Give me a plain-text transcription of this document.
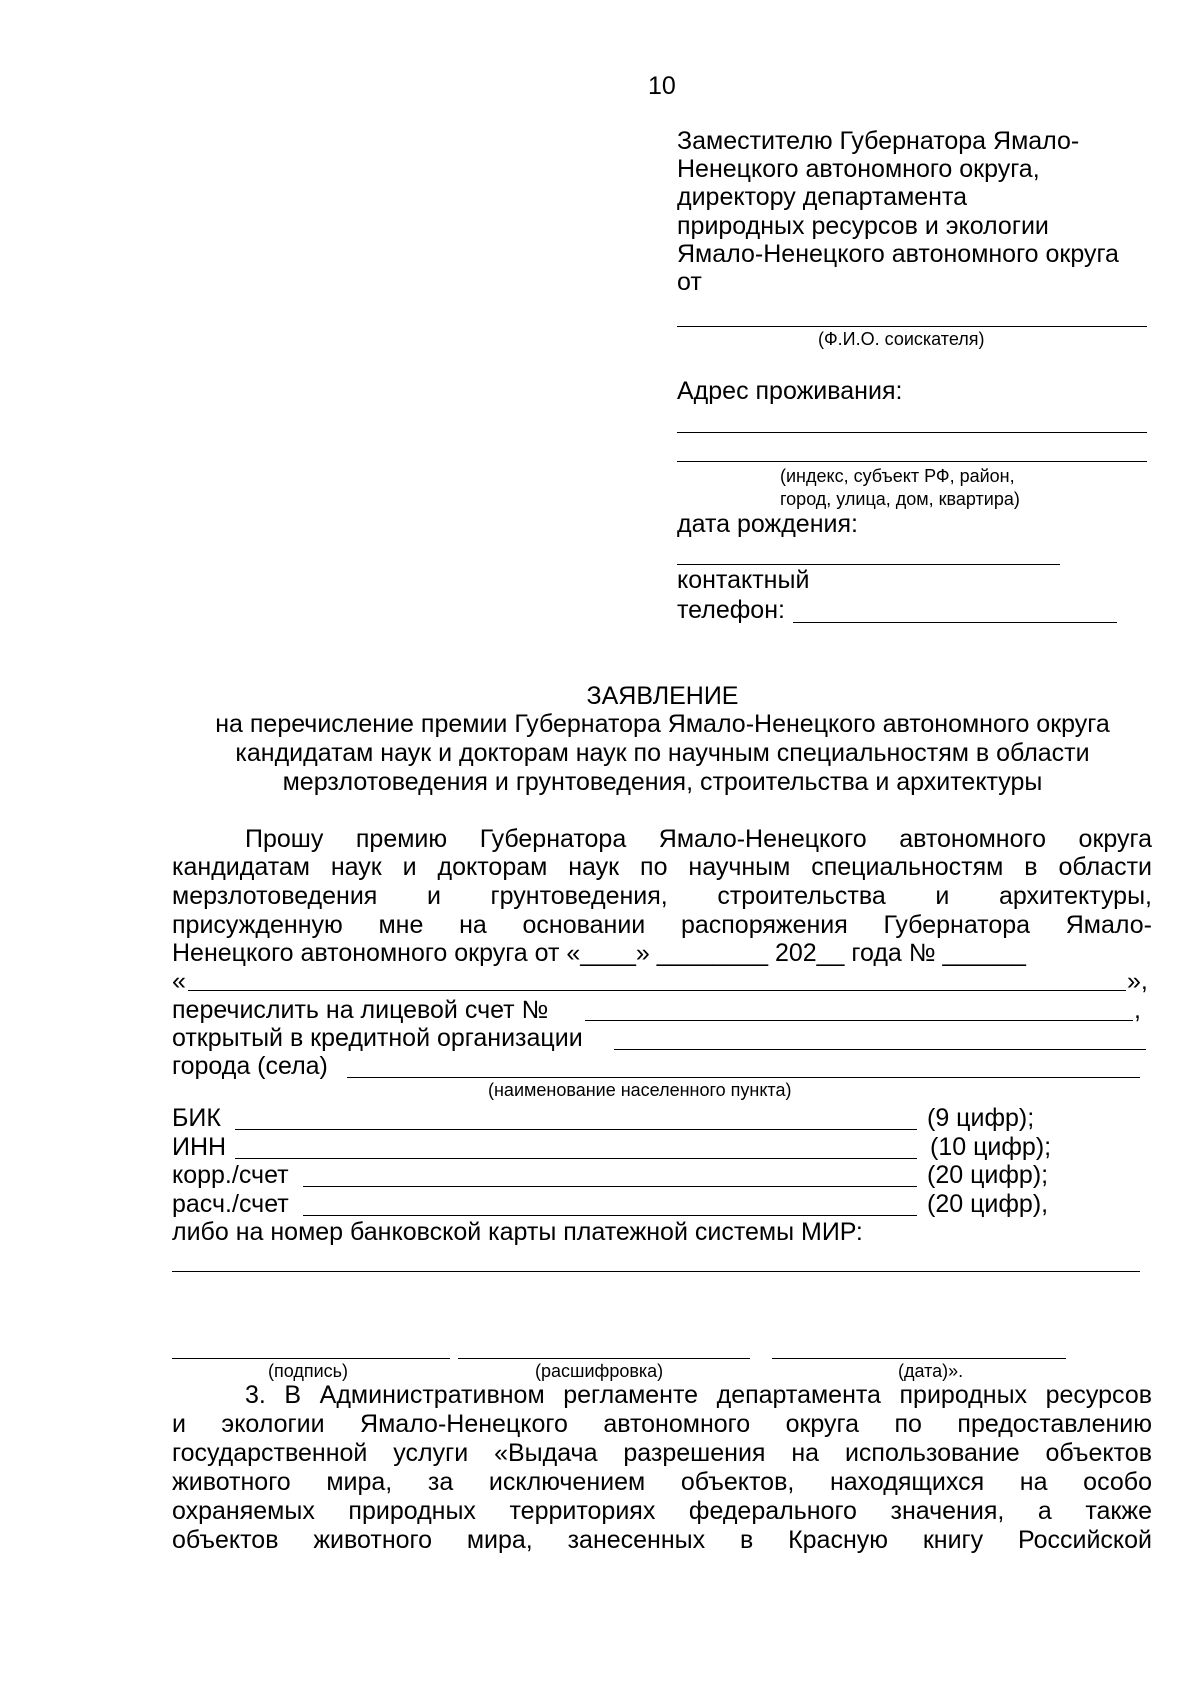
10
Заместителю Губернатора Ямало-
Ненецкого автономного округа,
директору департамента
природных ресурсов и экологии
Ямало-Ненецкого автономного округа
от
(Ф.И.О. соискателя)
Адрес проживания:
(индекс, субъект РФ, район,
город, улица, дом, квартира)
дата рождения:
контактный
телефон:
ЗАЯВЛЕНИЕ
на перечисление премии Губернатора Ямало-Ненецкого автономного округа
кандидатам наук и докторам наук по научным специальностям в области
мерзлотоведения и грунтоведения, строительства и архитектуры
Прошу премию Губернатора Ямало-Ненецкого автономного округа
кандидатам наук и докторам наук по научным специальностям в области
мерзлотоведения и грунтоведения, строительства и архитектуры,
присужденную мне на основании распоряжения Губернатора Ямало-
Ненецкого автономного округа от «____» ________ 202__ года № ______
«	»,
перечислить на лицевой счет №	,
открытый в кредитной организации
города (села)
(наименование населенного пункта)
БИК	(9 цифр);
ИНН	(10 цифр);
корр./счет	(20 цифр);
расч./счет	(20 цифр),
либо на номер банковской карты платежной системы МИР:
(подпись)	(расшифровка)	(дата)».
3. В Административном регламенте департамента природных ресурсов
и экологии Ямало-Ненецкого автономного округа по предоставлению
государственной услуги «Выдача разрешения на использование объектов
животного мира, за исключением объектов, находящихся на особо
охраняемых природных территориях федерального значения, а также
объектов животного мира, занесенных в Красную книгу Российской
